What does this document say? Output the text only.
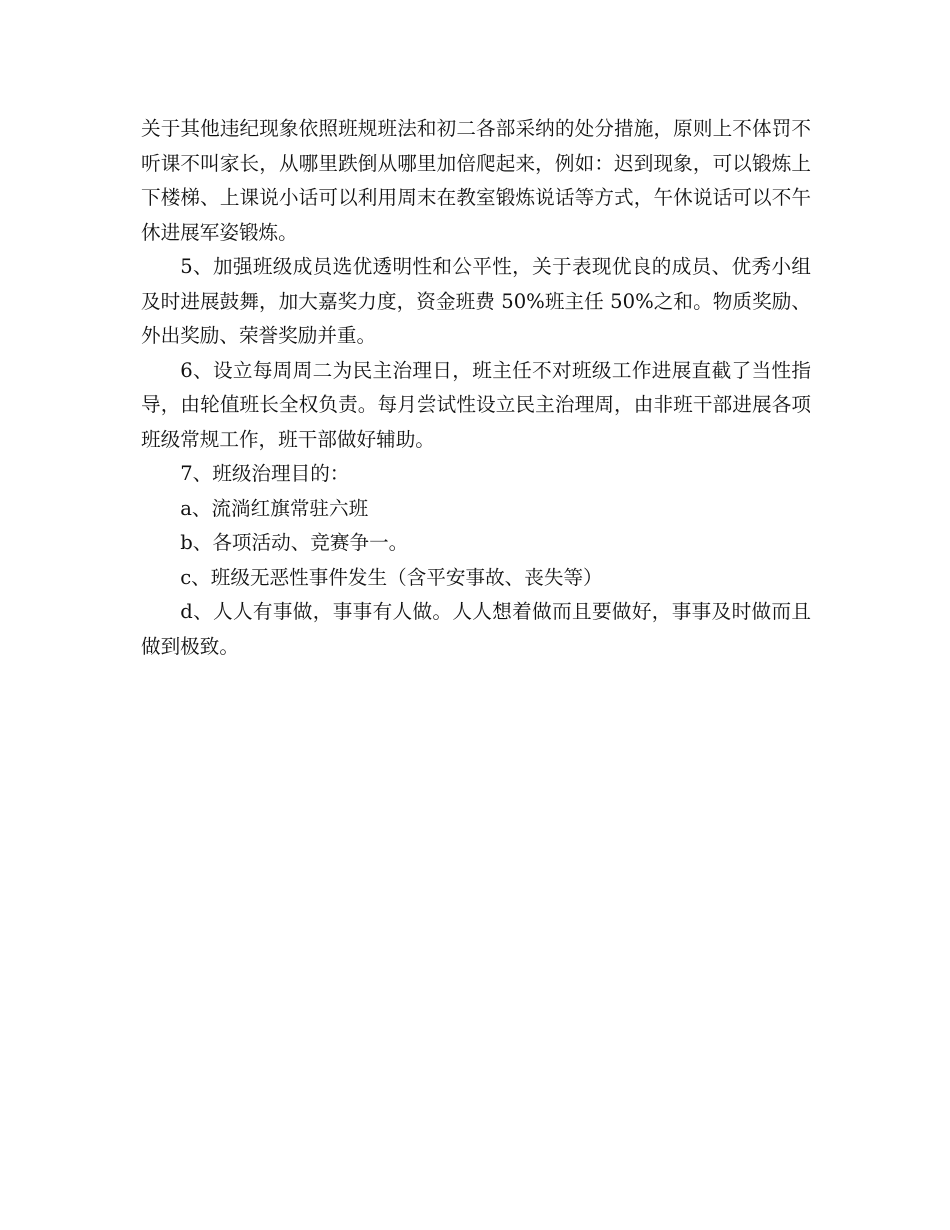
关于其他违纪现象依照班规班法和初二各部采纳的处分措施，原则上不体罚不听课不叫家长，从哪里跌倒从哪里加倍爬起来，例如：迟到现象，可以锻炼上下楼梯、上课说小话可以利用周末在教室锻炼说话等方式，午休说话可以不午休进展军姿锻炼。

5、加强班级成员选优透明性和公平性，关于表现优良的成员、优秀小组及时进展鼓舞，加大嘉奖力度，资金班费 50%班主任 50%之和。物质奖励、外出奖励、荣誉奖励并重。

6、设立每周周二为民主治理日，班主任不对班级工作进展直截了当性指导，由轮值班长全权负责。每月尝试性设立民主治理周，由非班干部进展各项班级常规工作，班干部做好辅助。

7、班级治理目的：

a、流淌红旗常驻六班

b、各项活动、竞赛争一。

c、班级无恶性事件发生（含平安事故、丧失等）

d、人人有事做，事事有人做。人人想着做而且要做好，事事及时做而且做到极致。
